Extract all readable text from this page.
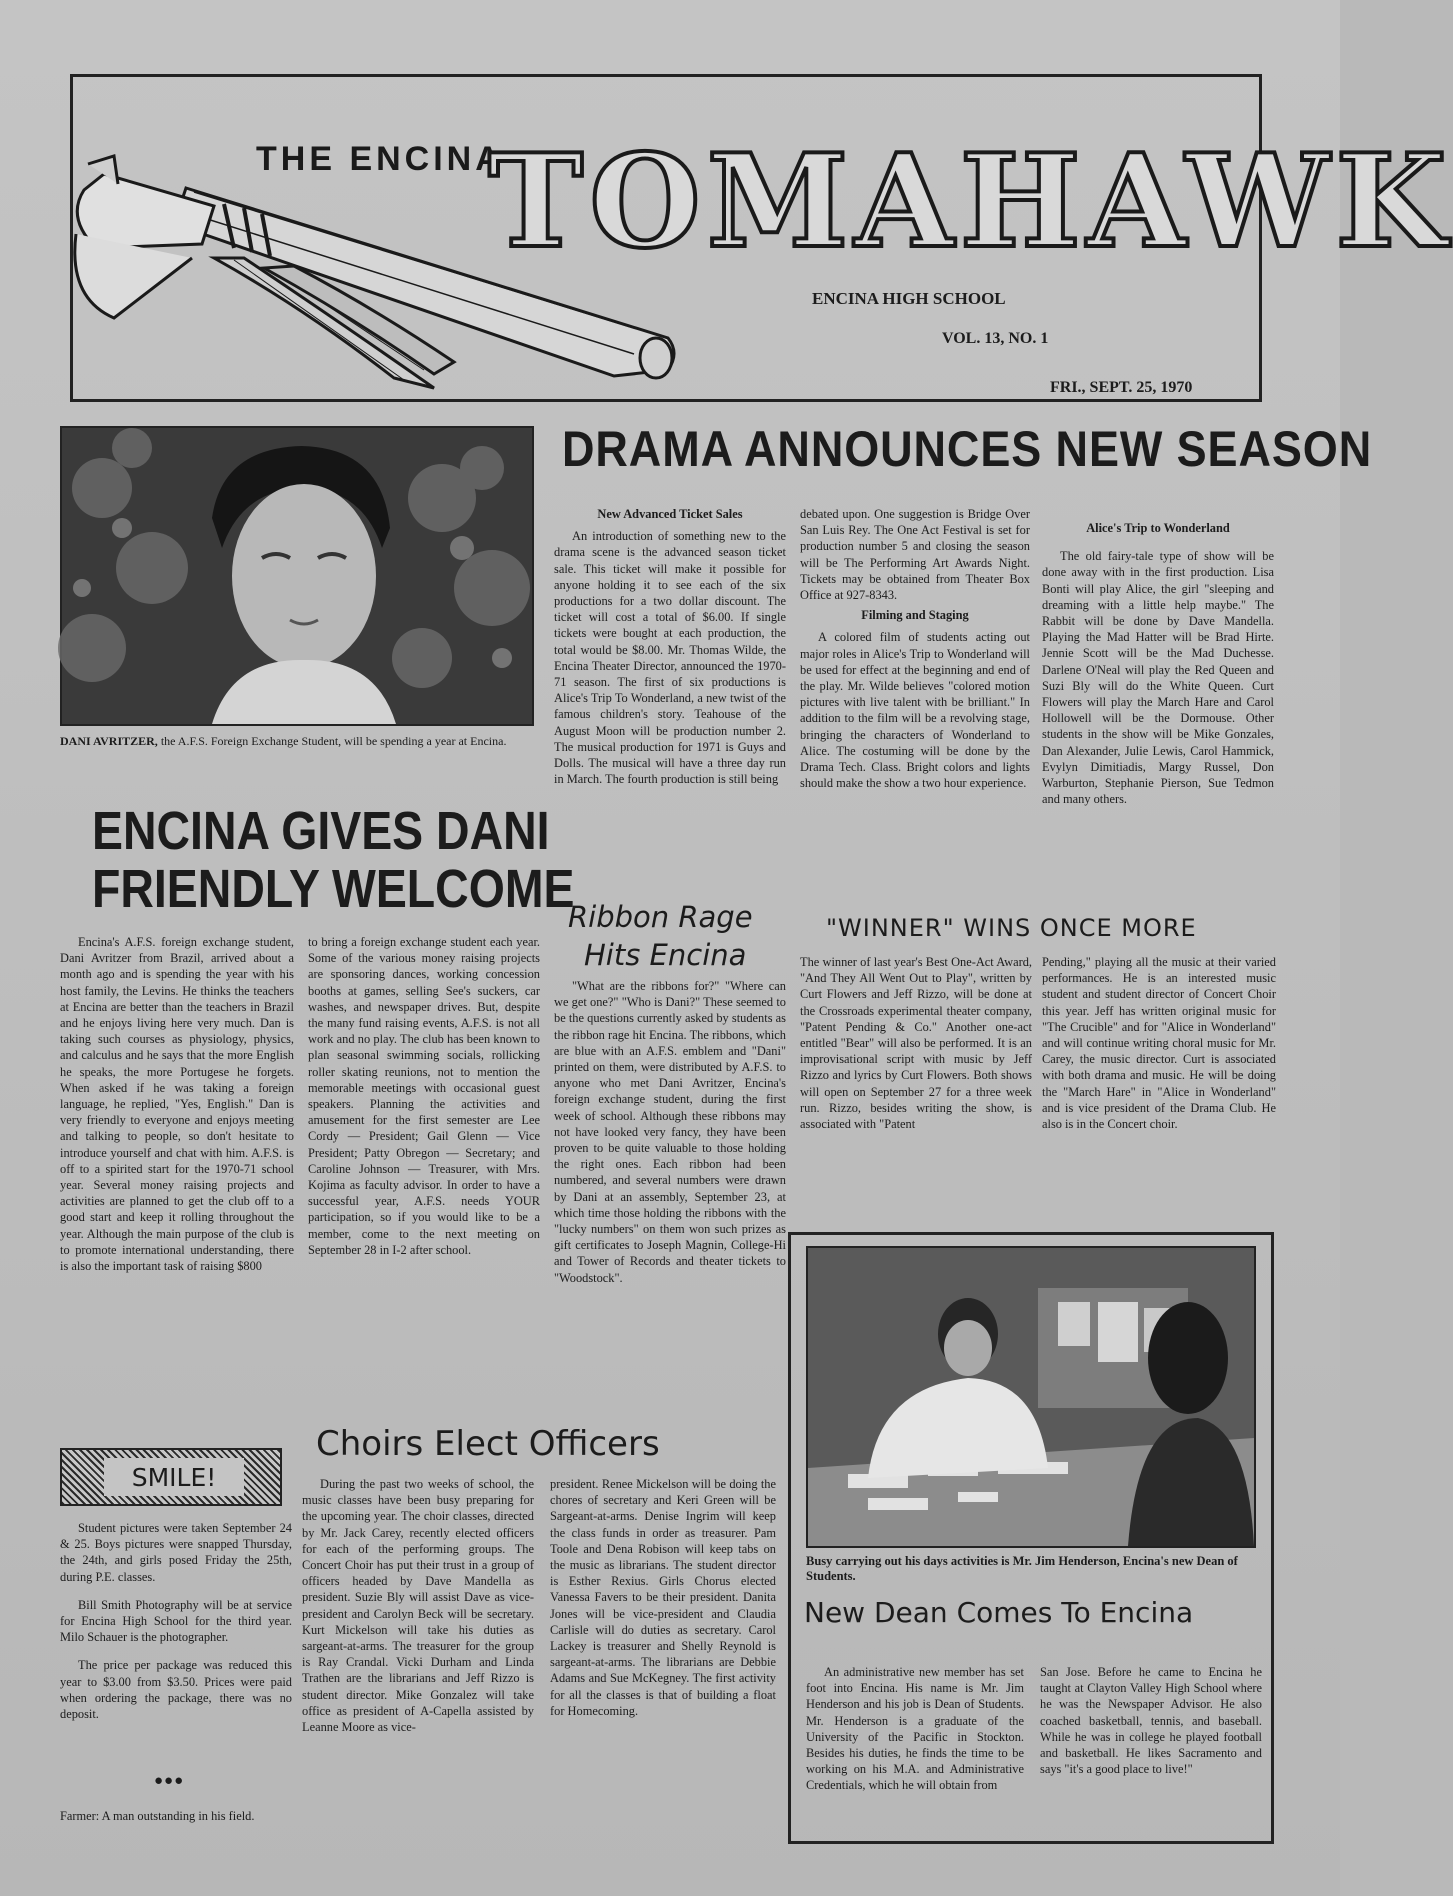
THE ENCINA
TOMAHAWK
ENCINA HIGH SCHOOL
VOL. 13, NO. 1
FRI., SEPT. 25, 1970
DANI AVRITZER, the A.F.S. Foreign Exchange Student, will be spending a year at Encina.
DRAMA ANNOUNCES NEW SEASON

New Advanced Ticket Sales

An introduction of something new to the drama scene is the advanced season ticket sale. This ticket will make it possible for anyone holding it to see each of the six productions for a two dollar discount. The ticket will cost a total of $6.00. If single tickets were bought at each production, the total would be $8.00. Mr. Thomas Wilde, the Encina Theater Director, announced the 1970-71 season. The first of six productions is Alice's Trip To Wonderland, a new twist of the famous children's story. Teahouse of the August Moon will be production number 2. The musical production for 1971 is Guys and Dolls. The musical will have a three day run in March. The fourth production is still being

debated upon. One suggestion is Bridge Over San Luis Rey. The One Act Festival is set for production number 5 and closing the season will be The Performing Art Awards Night. Tickets may be obtained from Theater Box Office at 927-8343.

Filming and Staging

A colored film of students acting out major roles in Alice's Trip to Wonderland will be used for effect at the beginning and end of the play. Mr. Wilde believes "colored motion pictures with live talent with be brilliant." In addition to the film will be a revolving stage, bringing the characters of Wonderland to Alice. The costuming will be done by the Drama Tech. Class. Bright colors and lights should make the show a two hour experience.

Alice's Trip to Wonderland

The old fairy-tale type of show will be done away with in the first production. Lisa Bonti will play Alice, the girl "sleeping and dreaming with a little help maybe." The Rabbit will be done by Dave Mandella. Playing the Mad Hatter will be Brad Hirte. Jennie Scott will be the Mad Duchesse. Darlene O'Neal will play the Red Queen and Suzi Bly will do the White Queen. Curt Flowers will play the March Hare and Carol Hollowell will be the Dormouse. Other students in the show will be Mike Gonzales, Dan Alexander, Julie Lewis, Carol Hammick, Evylyn Dimitiadis, Margy Russel, Don Warburton, Stephanie Pierson, Sue Tedmon and many others.

ENCINA GIVES DANI
FRIENDLY WELCOME

Encina's A.F.S. foreign exchange student, Dani Avritzer from Brazil, arrived about a month ago and is spending the year with his host family, the Levins. He thinks the teachers at Encina are better than the teachers in Brazil and he enjoys living here very much. Dan is taking such courses as physiology, physics, and calculus and he says that the more English he speaks, the more Portugese he forgets. When asked if he was taking a foreign language, he replied, "Yes, English." Dan is very friendly to everyone and enjoys meeting and talking to people, so don't hesitate to introduce yourself and chat with him. A.F.S. is off to a spirited start for the 1970-71 school year. Several money raising projects and activities are planned to get the club off to a good start and keep it rolling throughout the year. Although the main purpose of the club is to promote international understanding, there is also the important task of raising $800

to bring a foreign exchange student each year. Some of the various money raising projects are sponsoring dances, working concession booths at games, selling See's suckers, car washes, and newspaper drives. But, despite the many fund raising events, A.F.S. is not all work and no play. The club has been known to plan seasonal swimming socials, rollicking roller skating reunions, not to mention the memorable meetings with occasional guest speakers. Planning the activities and amusement for the first semester are Lee Cordy — President; Gail Glenn — Vice President; Patty Obregon — Secretary; and Caroline Johnson — Treasurer, with Mrs. Kojima as faculty advisor. In order to have a successful year, A.F.S. needs YOUR participation, so if you would like to be a member, come to the next meeting on September 28 in I-2 after school.

Ribbon Rage
Hits Encina

"What are the ribbons for?" "Where can we get one?" "Who is Dani?" These seemed to be the questions currently asked by students as the ribbon rage hit Encina. The ribbons, which are blue with an A.F.S. emblem and "Dani" printed on them, were distributed by A.F.S. to anyone who met Dani Avritzer, Encina's foreign exchange student, during the first week of school. Although these ribbons may not have looked very fancy, they have been proven to be quite valuable to those holding the right ones. Each ribbon had been numbered, and several numbers were drawn by Dani at an assembly, September 23, at which time those holding the ribbons with the "lucky numbers" on them won such prizes as gift certificates to Joseph Magnin, College-Hi and Tower of Records and theater tickets to "Woodstock".

"WINNER" WINS ONCE MORE

The winner of last year's Best One-Act Award, "And They All Went Out to Play", written by Curt Flowers and Jeff Rizzo, will be done at the Crossroads experimental theater company, "Patent Pending & Co." Another one-act entitled "Bear" will also be performed. It is an improvisational script with music by Jeff Rizzo and lyrics by Curt Flowers. Both shows will open on September 27 for a three week run. Rizzo, besides writing the show, is associated with "Patent

Pending," playing all the music at their varied performances. He is an interested music student and student director of Concert Choir this year. Jeff has written original music for "The Crucible" and for "Alice in Wonderland" and will continue writing choral music for Mr. Carey, the music director. Curt is associated with both drama and music. He will be doing the "March Hare" in "Alice in Wonderland" and is vice president of the Drama Club. He also is in the Concert choir.

Busy carrying out his days activities is Mr. Jim Henderson, Encina's new Dean of Students.
New Dean Comes To Encina

An administrative new member has set foot into Encina. His name is Mr. Jim Henderson and his job is Dean of Students. Mr. Henderson is a graduate of the University of the Pacific in Stockton. Besides his duties, he finds the time to be working on his M.A. and Administrative Credentials, which he will obtain from

San Jose. Before he came to Encina he taught at Clayton Valley High School where he was the Newspaper Advisor. He also coached basketball, tennis, and baseball. While he was in college he played football and basketball. He likes Sacramento and says "it's a good place to live!"

Choirs Elect Officers

During the past two weeks of school, the music classes have been busy preparing for the upcoming year. The choir classes, directed by Mr. Jack Carey, recently elected officers for each of the performing groups. The Concert Choir has put their trust in a group of officers headed by Dave Mandella as president. Suzie Bly will assist Dave as vice-president and Carolyn Beck will be secretary. Kurt Mickelson will take his duties as sargeant-at-arms. The treasurer for the group is Ray Crandal. Vicki Durham and Linda Trathen are the librarians and Jeff Rizzo is student director. Mike Gonzalez will take office as president of A-Capella assisted by Leanne Moore as vice-

president. Renee Mickelson will be doing the chores of secretary and Keri Green will be Sargeant-at-arms. Denise Ingrim will keep the class funds in order as treasurer. Pam Toole and Dena Robison will keep tabs on the music as librarians. The student director is Esther Rexius. Girls Chorus elected Vanessa Favers to be their president. Danita Jones will be vice-president and Claudia Carlisle will do duties as secretary. Carol Lackey is treasurer and Shelly Reynold is sargeant-at-arms. The librarians are Debbie Adams and Sue McKegney. The first activity for all the classes is that of building a float for Homecoming.

SMILE!

Student pictures were taken September 24 & 25. Boys pictures were snapped Thursday, the 24th, and girls posed Friday the 25th, during P.E. classes.

Bill Smith Photography will be at service for Encina High School for the third year. Milo Schauer is the photographer.

The price per package was reduced this year to $3.00 from $3.50. Prices were paid when ordering the package, there was no deposit.

●●●

Farmer: A man outstanding in his field.
